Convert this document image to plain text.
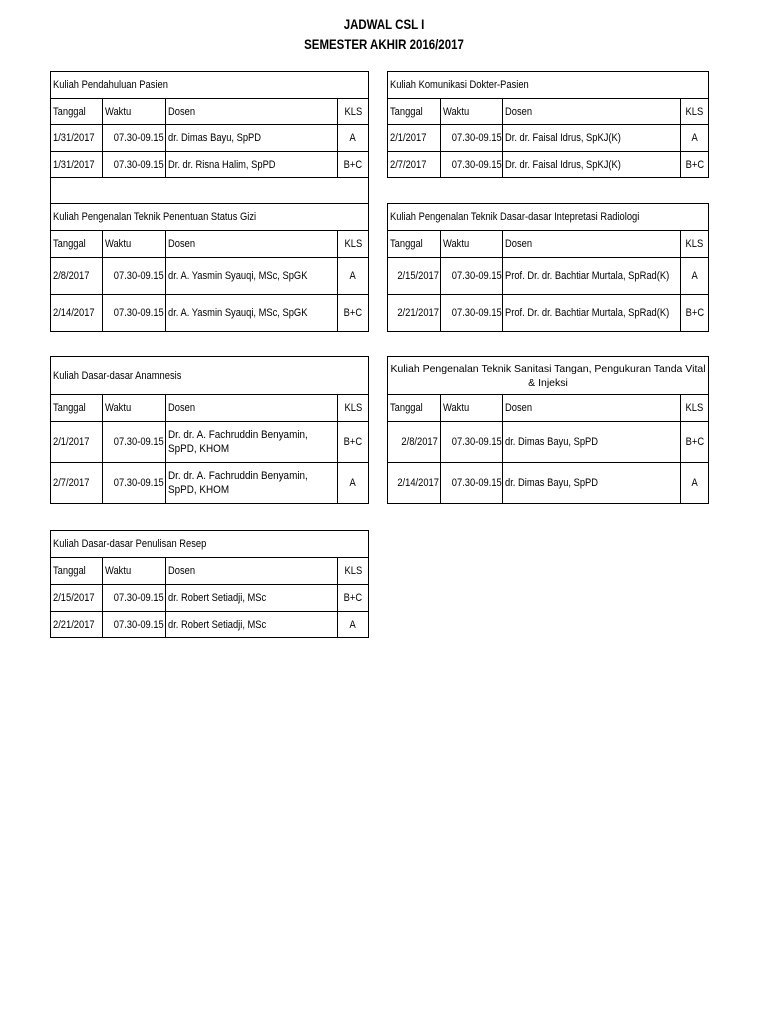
JADWAL CSL I
SEMESTER AKHIR 2016/2017
Kuliah Pendahuluan Pasien			
Tanggal	Waktu	Dosen	KLS
1/31/2017	07.30-09.15	dr. Dimas Bayu, SpPD	A
1/31/2017	07.30-09.15	Dr. dr. Risna Halim, SpPD	B+C
Kuliah Komunikasi Dokter-Pasien			
Tanggal	Waktu	Dosen	KLS
2/1/2017	07.30-09.15	Dr. dr. Faisal Idrus, SpKJ(K)	A
2/7/2017	07.30-09.15	Dr. dr. Faisal Idrus, SpKJ(K)	B+C
Kuliah Pengenalan Teknik Penentuan Status Gizi			
Tanggal	Waktu	Dosen	KLS
2/8/2017	07.30-09.15	dr. A. Yasmin Syauqi, MSc, SpGK	A
2/14/2017	07.30-09.15	dr. A. Yasmin Syauqi, MSc, SpGK	B+C
Kuliah Pengenalan Teknik Dasar-dasar Intepretasi Radiologi			
Tanggal	Waktu	Dosen	KLS
2/15/2017	07.30-09.15	Prof. Dr. dr. Bachtiar Murtala, SpRad(K)	A
2/21/2017	07.30-09.15	Prof. Dr. dr. Bachtiar Murtala, SpRad(K)	B+C
Kuliah Dasar-dasar Anamnesis			
Tanggal	Waktu	Dosen	KLS
2/1/2017	07.30-09.15	Dr. dr. A. Fachruddin Benyamin, SpPD, KHOM	B+C
2/7/2017	07.30-09.15	Dr. dr. A. Fachruddin Benyamin, SpPD, KHOM	A
Kuliah Pengenalan Teknik Sanitasi Tangan, Pengukuran Tanda Vital & Injeksi			

Tanggal	Waktu	Dosen	KLS
2/8/2017	07.30-09.15	dr. Dimas Bayu, SpPD	B+C
2/14/2017	07.30-09.15	dr. Dimas Bayu, SpPD	A
Kuliah Dasar-dasar Penulisan Resep			
Tanggal	Waktu	Dosen	KLS
2/15/2017	07.30-09.15	dr. Robert Setiadji, MSc	B+C
2/21/2017	07.30-09.15	dr. Robert Setiadji, MSc	A
